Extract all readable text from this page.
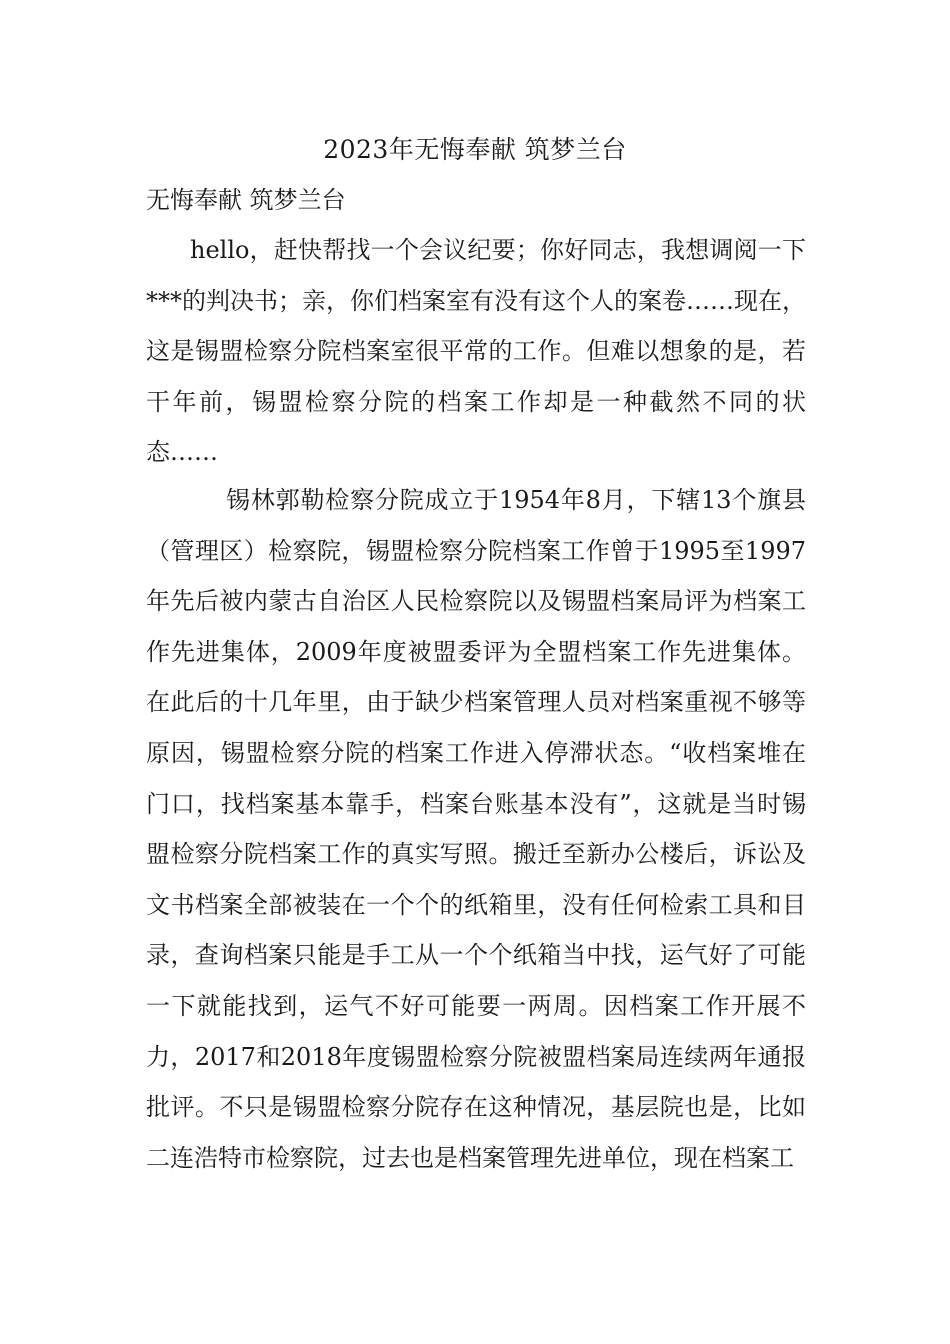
2023年无悔奉献 筑梦兰台
无悔奉献 筑梦兰台

hello，赶快帮找一个会议纪要；你好同志，我想调阅一下***的判决书；亲，你们档案室有没有这个人的案卷……现在，这是锡盟检察分院档案室很平常的工作。但难以想象的是，若干年前，锡盟检察分院的档案工作却是一种截然不同的状态……

锡林郭勒检察分院成立于1954年8月，下辖13个旗县（管理区）检察院，锡盟检察分院档案工作曾于1995至1997年先后被内蒙古自治区人民检察院以及锡盟档案局评为档案工作先进集体，2009年度被盟委评为全盟档案工作先进集体。在此后的十几年里，由于缺少档案管理人员对档案重视不够等原因，锡盟检察分院的档案工作进入停滞状态。“收档案堆在门口，找档案基本靠手，档案台账基本没有”，这就是当时锡盟检察分院档案工作的真实写照。搬迁至新办公楼后，诉讼及文书档案全部被装在一个个的纸箱里，没有任何检索工具和目录，查询档案只能是手工从一个个纸箱当中找，运气好了可能一下就能找到，运气不好可能要一两周。因档案工作开展不力，2017和2018年度锡盟检察分院被盟档案局连续两年通报批评。不只是锡盟检察分院存在这种情况，基层院也是，比如二连浩特市检察院，过去也是档案管理先进单位，现在档案工
